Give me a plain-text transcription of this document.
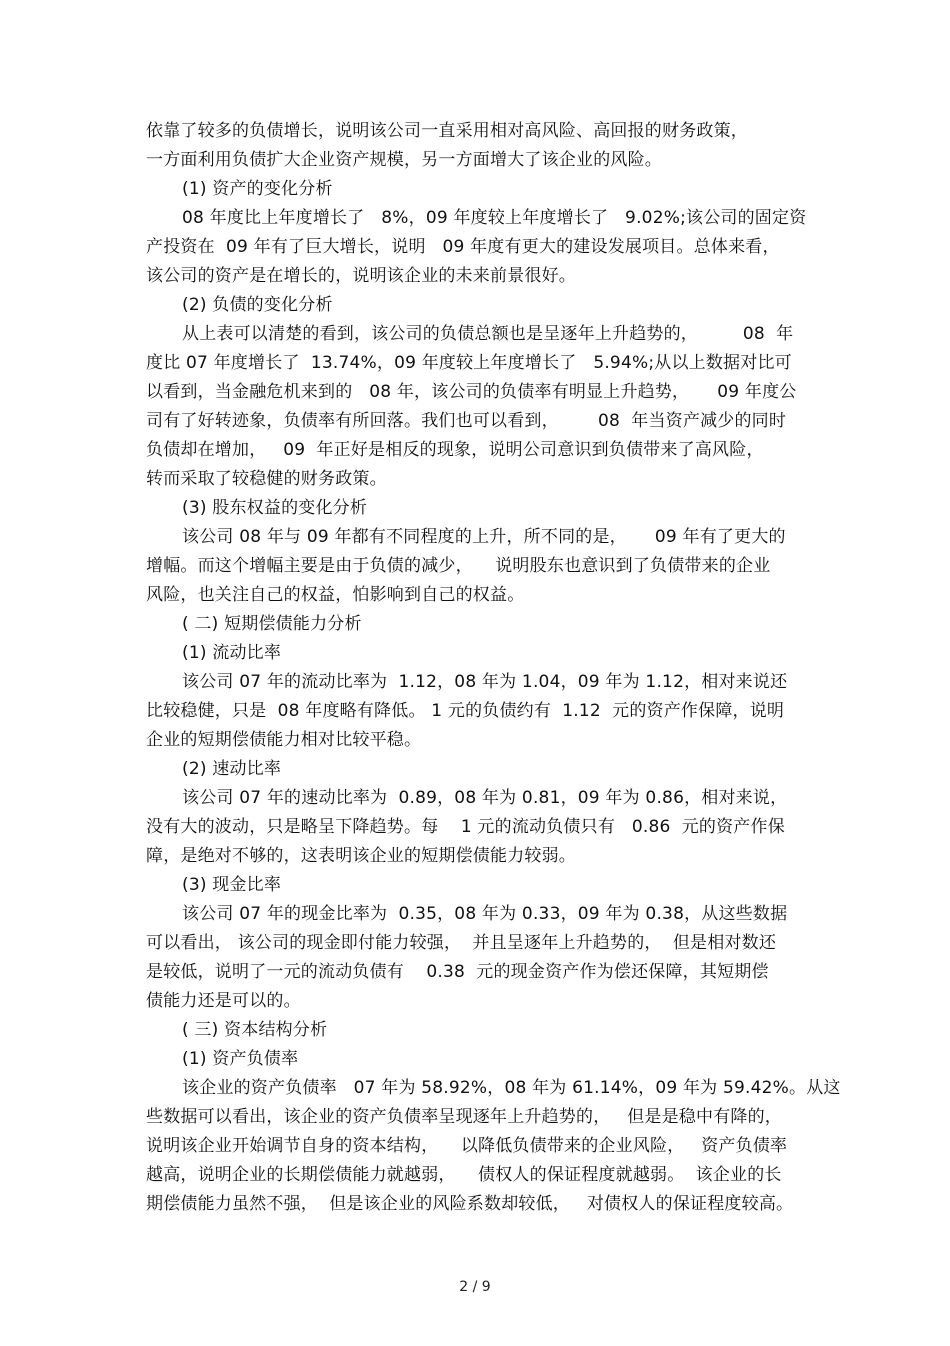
依靠了较多的负债增长，说明该公司一直采用相对高风险、高回报的财务政策，
一方面利用负债扩大企业资产规模，另一方面增大了该企业的风险。
(1) 资产的变化分析
08 年度比上年度增长了   8%，09 年度较上年度增长了   9.02%;该公司的固定资
产投资在  09 年有了巨大增长，说明   09 年度有更大的建设发展项目。总体来看，
该公司的资产是在增长的，说明该企业的未来前景很好。
(2) 负债的变化分析
从上表可以清楚的看到，该公司的负债总额也是呈逐年上升趋势的，        08  年
度比 07 年度增长了  13.74%，09 年度较上年度增长了   5.94%;从以上数据对比可
以看到，当金融危机来到的   08 年，该公司的负债率有明显上升趋势，     09 年度公
司有了好转迹象，负债率有所回落。我们也可以看到，       08  年当资产减少的同时
负债却在增加，   09  年正好是相反的现象，说明公司意识到负债带来了高风险，
转而采取了较稳健的财务政策。
(3) 股东权益的变化分析
该公司 08 年与 09 年都有不同程度的上升，所不同的是，     09 年有了更大的
增幅。而这个增幅主要是由于负债的减少，    说明股东也意识到了负债带来的企业
风险，也关注自己的权益，怕影响到自己的权益。
( 二) 短期偿债能力分析
(1) 流动比率
该公司 07 年的流动比率为  1.12，08 年为 1.04，09 年为 1.12，相对来说还
比较稳健，只是  08 年度略有降低。 1 元的负债约有  1.12  元的资产作保障，说明
企业的短期偿债能力相对比较平稳。
(2) 速动比率
该公司 07 年的速动比率为  0.89，08 年为 0.81，09 年为 0.86，相对来说，
没有大的波动，只是略呈下降趋势。每    1 元的流动负债只有   0.86  元的资产作保
障，是绝对不够的，这表明该企业的短期偿债能力较弱。
(3) 现金比率
该公司 07 年的现金比率为  0.35，08 年为 0.33，09 年为 0.38，从这些数据
可以看出， 该公司的现金即付能力较强，  并且呈逐年上升趋势的，  但是相对数还
是较低，说明了一元的流动负债有    0.38  元的现金资产作为偿还保障，其短期偿
债能力还是可以的。
( 三) 资本结构分析
(1) 资产负债率
该企业的资产负债率   07 年为 58.92%，08 年为 61.14%，09 年为 59.42%。从这
些数据可以看出，该企业的资产负债率呈现逐年上升趋势的，   但是是稳中有降的，
说明该企业开始调节自身的资本结构，    以降低负债带来的企业风险，   资产负债率
越高，说明企业的长期偿债能力就越弱，    债权人的保证程度就越弱。  该企业的长
期偿债能力虽然不强，  但是该企业的风险系数却较低，   对债权人的保证程度较高。
2 / 9
